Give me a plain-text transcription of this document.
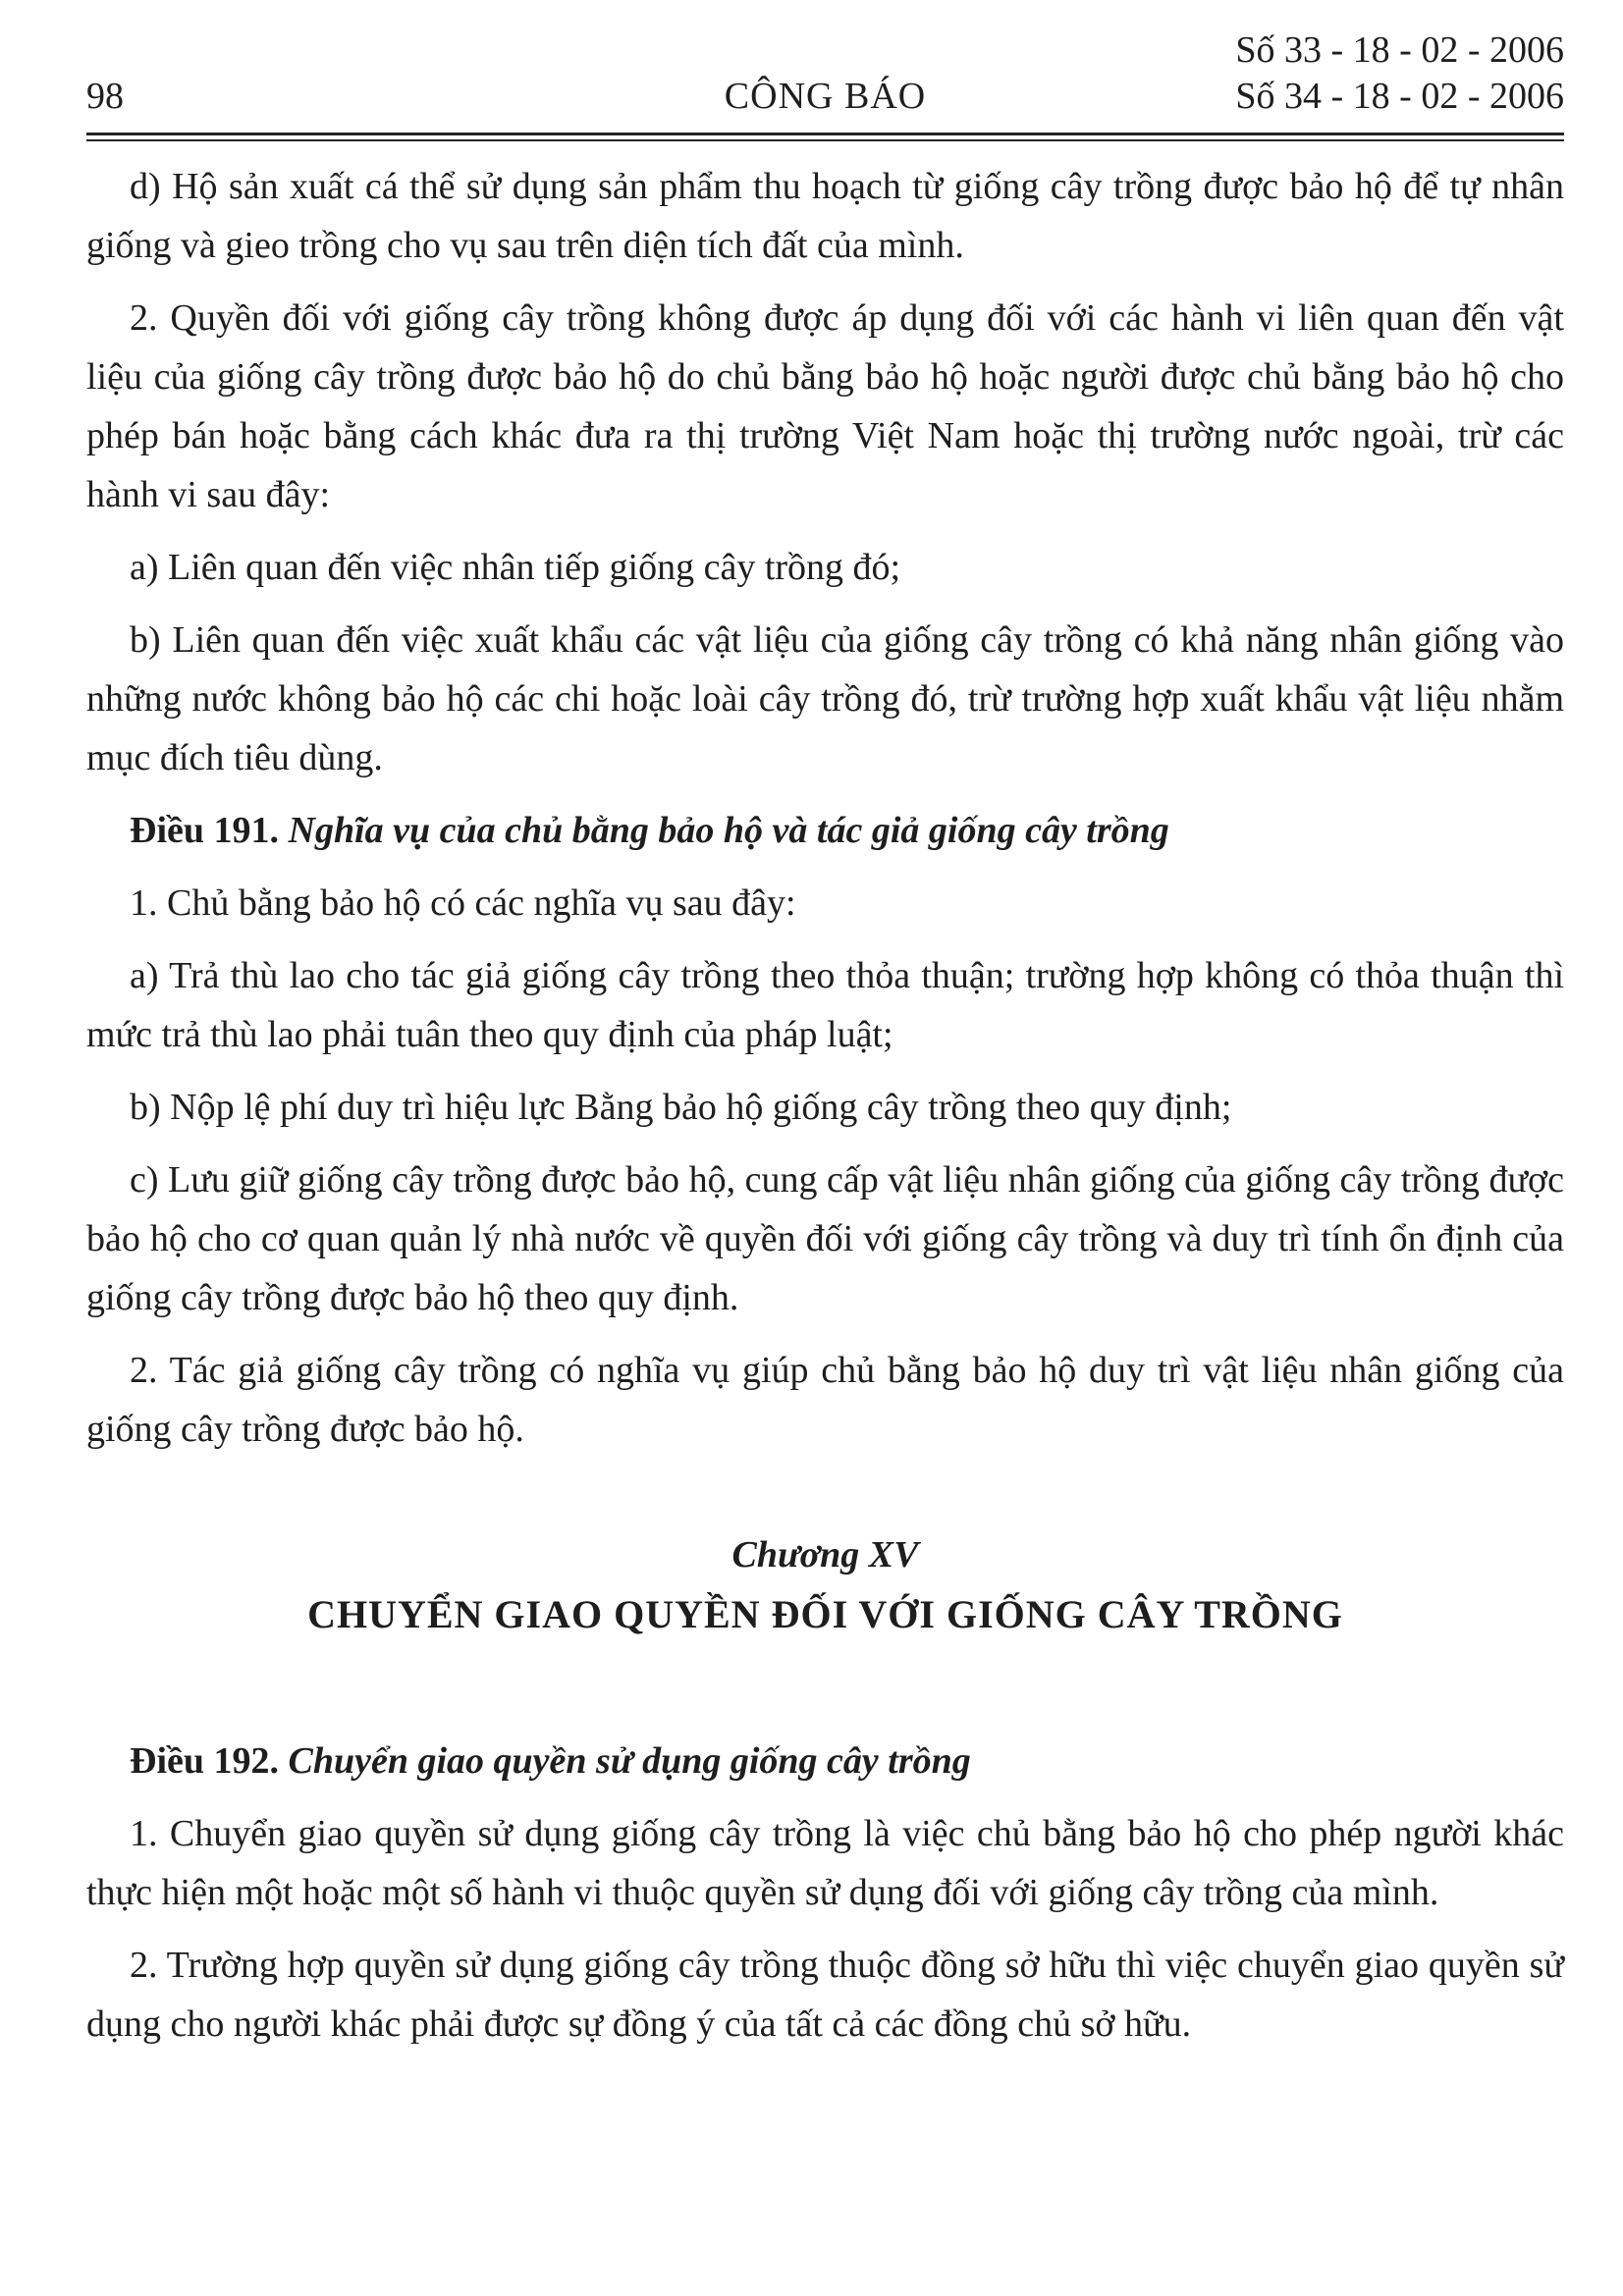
98	CÔNG BÁO
Số 33 - 18 - 02 - 2006
Số 34 - 18 - 02 - 2006

d) Hộ sản xuất cá thể sử dụng sản phẩm thu hoạch từ giống cây trồng được bảo hộ để tự nhân giống và gieo trồng cho vụ sau trên diện tích đất của mình.

2. Quyền đối với giống cây trồng không được áp dụng đối với các hành vi liên quan đến vật liệu của giống cây trồng được bảo hộ do chủ bằng bảo hộ hoặc người được chủ bằng bảo hộ cho phép bán hoặc bằng cách khác đưa ra thị trường Việt Nam hoặc thị trường nước ngoài, trừ các hành vi sau đây:

a) Liên quan đến việc nhân tiếp giống cây trồng đó;

b) Liên quan đến việc xuất khẩu các vật liệu của giống cây trồng có khả năng nhân giống vào những nước không bảo hộ các chi hoặc loài cây trồng đó, trừ trường hợp xuất khẩu vật liệu nhằm mục đích tiêu dùng.

Điều 191. Nghĩa vụ của chủ bằng bảo hộ và tác giả giống cây trồng

1. Chủ bằng bảo hộ có các nghĩa vụ sau đây:

a) Trả thù lao cho tác giả giống cây trồng theo thỏa thuận; trường hợp không có thỏa thuận thì mức trả thù lao phải tuân theo quy định của pháp luật;

b) Nộp lệ phí duy trì hiệu lực Bằng bảo hộ giống cây trồng theo quy định;

c) Lưu giữ giống cây trồng được bảo hộ, cung cấp vật liệu nhân giống của giống cây trồng được bảo hộ cho cơ quan quản lý nhà nước về quyền đối với giống cây trồng và duy trì tính ổn định của giống cây trồng được bảo hộ theo quy định.

2. Tác giả giống cây trồng có nghĩa vụ giúp chủ bằng bảo hộ duy trì vật liệu nhân giống của giống cây trồng được bảo hộ.

Chương XV
CHUYỂN GIAO QUYỀN ĐỐI VỚI GIỐNG CÂY TRỒNG

Điều 192. Chuyển giao quyền sử dụng giống cây trồng

1. Chuyển giao quyền sử dụng giống cây trồng là việc chủ bằng bảo hộ cho phép người khác thực hiện một hoặc một số hành vi thuộc quyền sử dụng đối với giống cây trồng của mình.

2. Trường hợp quyền sử dụng giống cây trồng thuộc đồng sở hữu thì việc chuyển giao quyền sử dụng cho người khác phải được sự đồng ý của tất cả các đồng chủ sở hữu.
